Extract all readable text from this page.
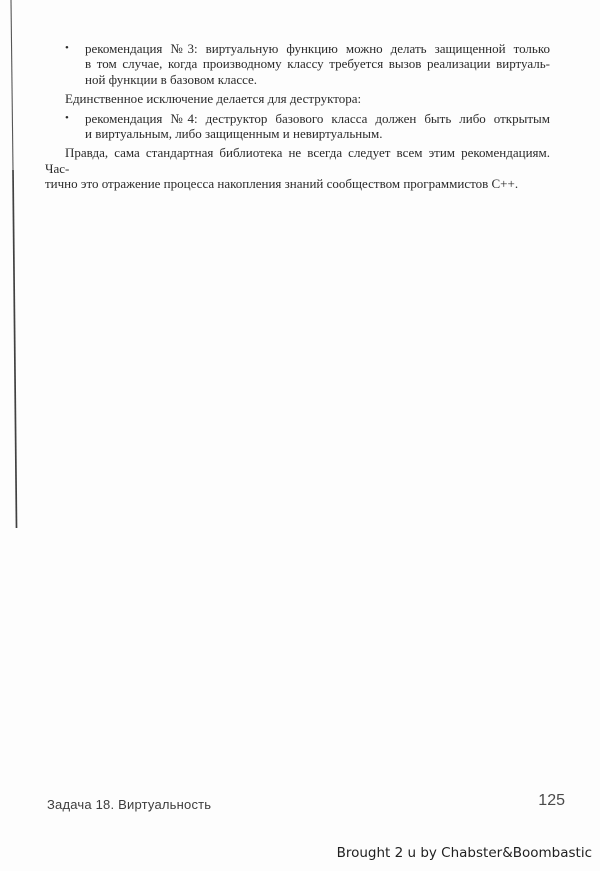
•	рекомендация №3: виртуальную функцию можно делать защищенной только
в том случае, когда производному классу требуется вызов реализации виртуаль-
ной функции в базовом классе.
Единственное исключение делается для деструктора:
•	рекомендация №4: деструктор базового класса должен быть либо открытым
и виртуальным, либо защищенным и невиртуальным.
Правда, сама стандартная библиотека не всегда следует всем этим рекомендациям. Час-
тично это отражение процесса накопления знаний сообществом программистов C++.
Задача 18. Виртуальность	125
Brought 2 u by Chabster&Boombastic
